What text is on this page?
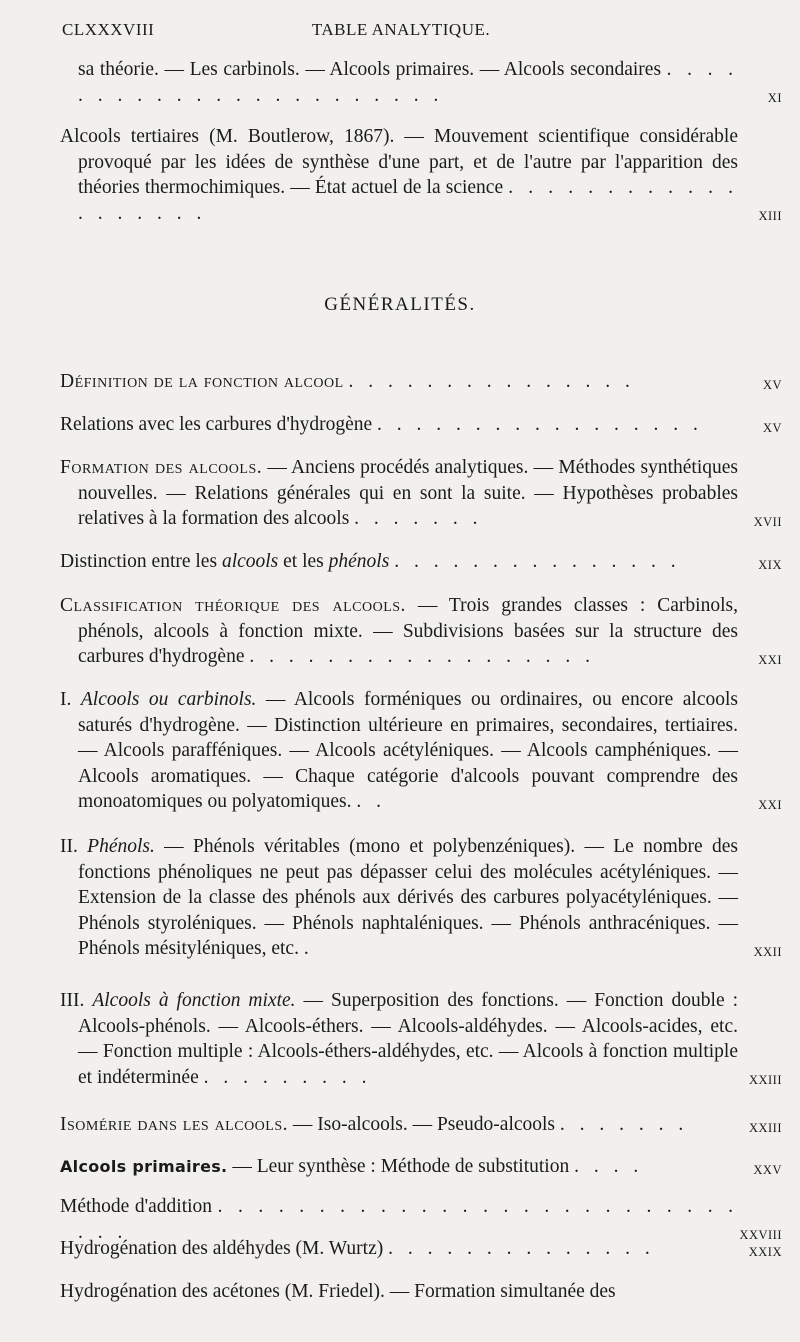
CLXXXVIII	TABLE ANALYTIQUE.
sa théorie. — Les carbinols. — Alcools primaires. — Alcools secondaires . . . . . . . . . . . . . . . . . . . . . . .	XI
Alcools tertiaires (M. Boutlerow, 1867). — Mouvement scientifique considérable provoqué par les idées de synthèse d'une part, et de l'autre par l'apparition des théories thermochimiques. — État actuel de la science . . . . . . . . . . . . . . . . . . .	XIII
GÉNÉRALITÉS.
Définition de la fonction alcool . . . . . . . . . . . . . . .	XV
Relations avec les carbures d'hydrogène . . . . . . . . . . . . . . . . .	XV
Formation des alcools. — Anciens procédés analytiques. — Méthodes synthétiques nouvelles. — Relations générales qui en sont la suite. — Hypothèses probables relatives à la formation des alcools . . . . . . .	XVII
Distinction entre les alcools et les phénols . . . . . . . . . . . . . . .	XIX
Classification théorique des alcools. — Trois grandes classes : Carbinols, phénols, alcools à fonction mixte. — Subdivisions basées sur la structure des carbures d'hydrogène . . . . . . . . . . . . . . . . . .	XXI
I. Alcools ou carbinols. — Alcools forméniques ou ordinaires, ou encore alcools saturés d'hydrogène. — Distinction ultérieure en primaires, secondaires, tertiaires. — Alcools parafféniques. — Alcools acétyléniques. — Alcools camphéniques. — Alcools aromatiques. — Chaque catégorie d'alcools pouvant comprendre des monoatomiques ou polyatomiques. . .	XXI
II. Phénols. — Phénols véritables (mono et polybenzéniques). — Le nombre des fonctions phénoliques ne peut pas dépasser celui des molécules acétyléniques. — Extension de la classe des phénols aux dérivés des carbures polyacétyléniques. — Phénols styroléniques. — Phénols naphtaléniques. — Phénols anthracéniques. — Phénols mésityléniques, etc. .	XXII
III. Alcools à fonction mixte. — Superposition des fonctions. — Fonction double : Alcools-phénols. — Alcools-éthers. — Alcools-aldéhydes. — Alcools-acides, etc. — Fonction multiple : Alcools-éthers-aldéhydes, etc. — Alcools à fonction multiple et indéterminée . . . . . . . . .	XXIII
Isomérie dans les alcools. — Iso-alcools. — Pseudo-alcools . . . . . . .	XXIII
Alcools primaires. — Leur synthèse : Méthode de substitution . . . .	XXV
Méthode d'addition . . . . . . . . . . . . . . . . . . . . . . . . . . . . .	XXVIII
Hydrogénation des aldéhydes (M. Wurtz) . . . . . . . . . . . . . .	XXIX
Hydrogénation des acétones (M. Friedel). — Formation simultanée des
